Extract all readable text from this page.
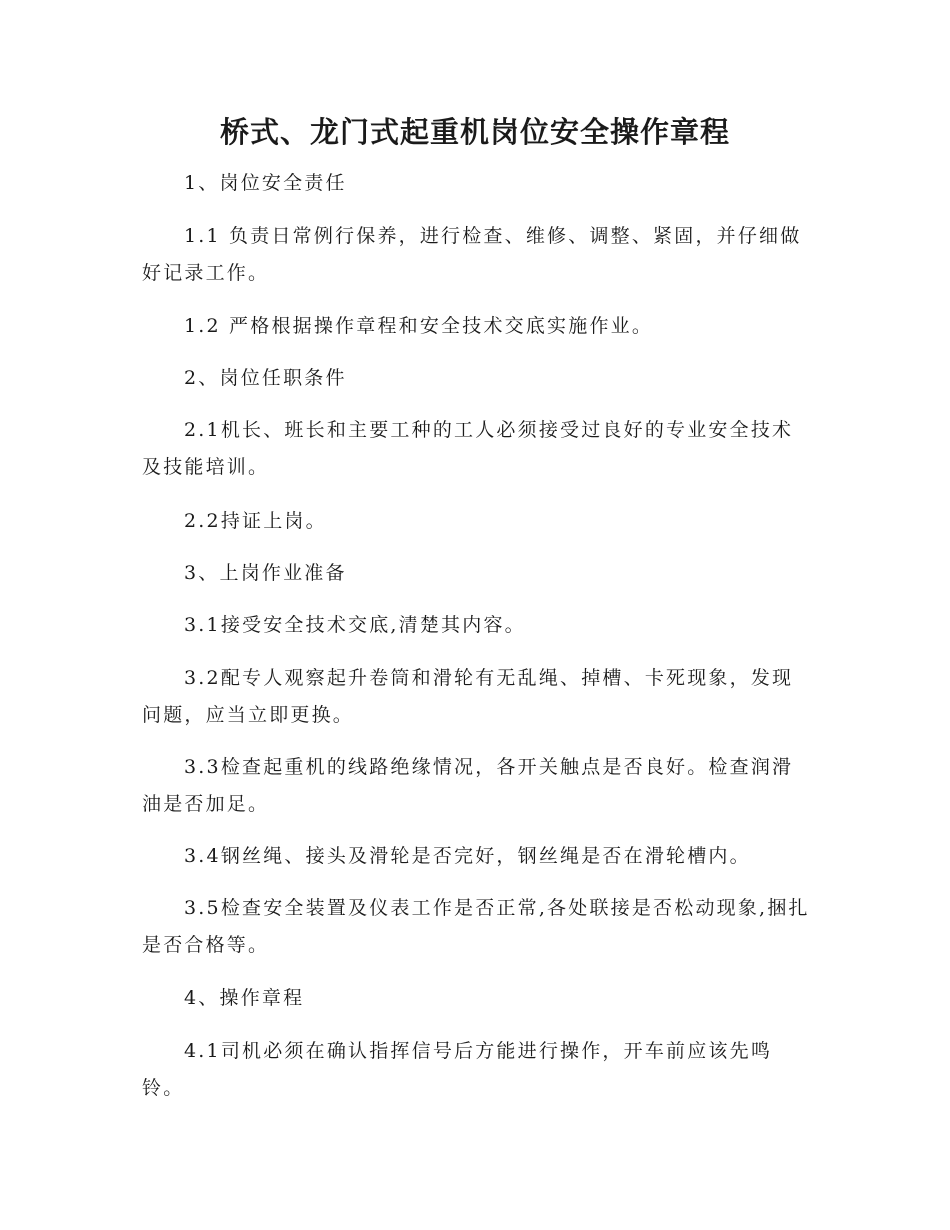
桥式、龙门式起重机岗位安全操作章程
1、岗位安全责任
1.1 负责日常例行保养，进行检查、维修、调整、紧固，并仔细做好记录工作。
1.2 严格根据操作章程和安全技术交底实施作业。
2、岗位任职条件
2.1机长、班长和主要工种的工人必须接受过良好的专业安全技术及技能培训。
2.2持证上岗。
3、上岗作业准备
3.1接受安全技术交底,清楚其内容。
3.2配专人观察起升卷筒和滑轮有无乱绳、掉槽、卡死现象，发现问题，应当立即更换。
3.3检查起重机的线路绝缘情况，各开关触点是否良好。检查润滑油是否加足。
3.4钢丝绳、接头及滑轮是否完好，钢丝绳是否在滑轮槽内。
3.5检查安全装置及仪表工作是否正常,各处联接是否松动现象,捆扎是否合格等。
4、操作章程
4.1司机必须在确认指挥信号后方能进行操作，开车前应该先鸣铃。
